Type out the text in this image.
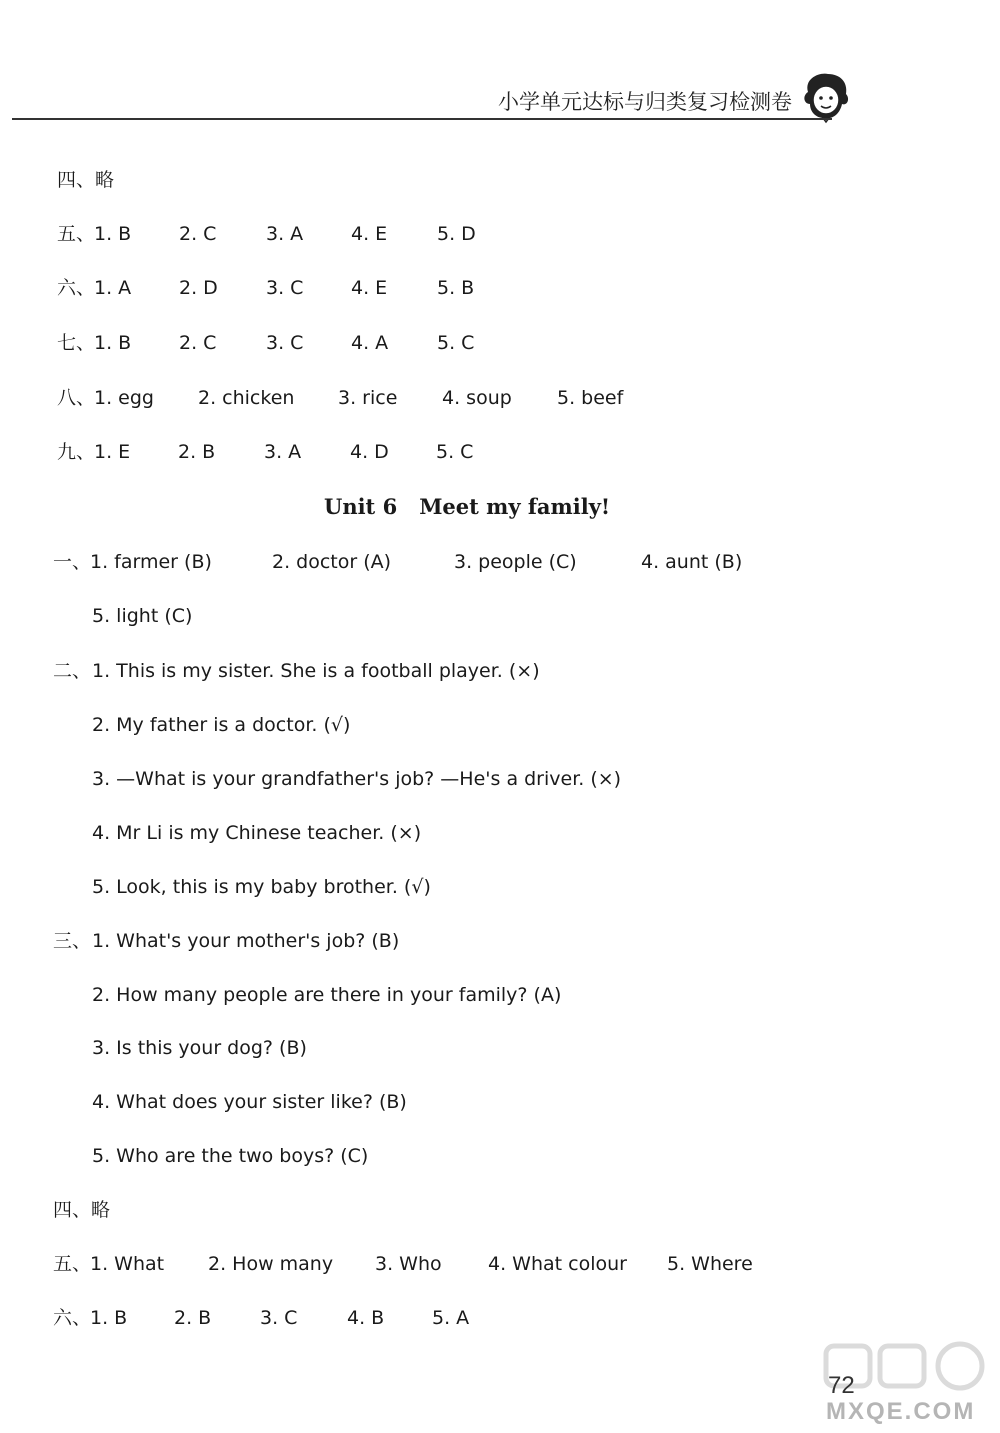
小学单元达标与归类复习检测卷
四、略
五、
1. B	2. C	3. A	4. E	5. D
六、
1. A	2. D	3. C	4. E	5. B
七、
1. B	2. C	3. C	4. A	5. C
八、
1. egg 2. chicken 3. rice 4. soup 5. beef
九、
1. E	2. B	3. A	4. D 5. C
Unit 6 Meet my family!
一、
1. farmer (B)	2. doctor (A)	3. people (C)	4. aunt (B)
5. light (C)
二、 1. This is my sister. She is a football player. (×)
2. My father is a doctor. (√)
3. —What is your grandfather's job? —He's a driver. (×)
4. Mr Li is my Chinese teacher. (×)
5. Look, this is my baby brother. (√)
三、 1. What's your mother's job? (B)
2. How many people are there in your family? (A)
3. Is this your dog? (B)
4. What does your sister like? (B)
5. Who are the two boys? (C)
四、略
五、
1. What 2. How many 3. Who 4. What colour 5. Where
六、
1. B 2. B	3. C	4. B	5. A
72
MXQE.COM
